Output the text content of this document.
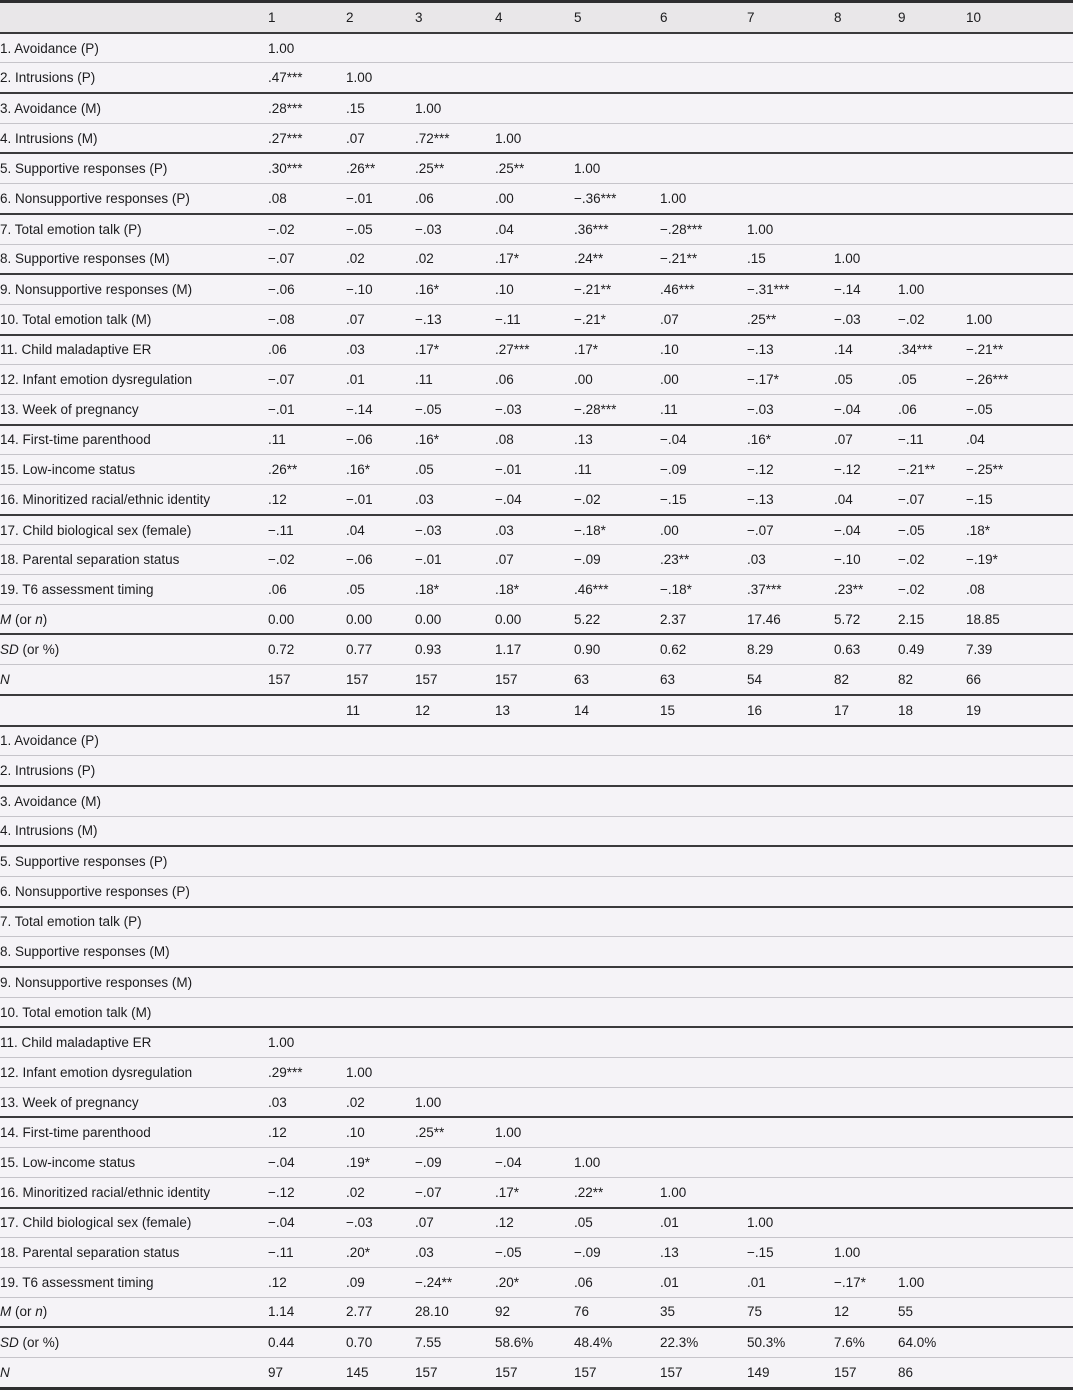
	1	2	3	4	5	6	7	8	9	10
1. Avoidance (P)	1.00									
2. Intrusions (P)	.47***	1.00								
3. Avoidance (M)	.28***	.15	1.00							
4. Intrusions (M)	.27***	.07	.72***	1.00						
5. Supportive responses (P)	.30***	.26**	.25**	.25**	1.00					
6. Nonsupportive responses (P)	.08	−.01	.06	.00	−.36***	1.00				
7. Total emotion talk (P)	−.02	−.05	−.03	.04	.36***	−.28***	1.00			
8. Supportive responses (M)	−.07	.02	.02	.17*	.24**	−.21**	.15	1.00		
9. Nonsupportive responses (M)	−.06	−.10	.16*	.10	−.21**	.46***	−.31***	−.14	1.00	
10. Total emotion talk (M)	−.08	.07	−.13	−.11	−.21*	.07	.25**	−.03	−.02	1.00
11. Child maladaptive ER	.06	.03	.17*	.27***	.17*	.10	−.13	.14	.34***	−.21**
12. Infant emotion dysregulation	−.07	.01	.11	.06	.00	.00	−.17*	.05	.05	−.26***
13. Week of pregnancy	−.01	−.14	−.05	−.03	−.28***	.11	−.03	−.04	.06	−.05
14. First-time parenthood	.11	−.06	.16*	.08	.13	−.04	.16*	.07	−.11	.04
15. Low-income status	.26**	.16*	.05	−.01	.11	−.09	−.12	−.12	−.21**	−.25**
16. Minoritized racial/ethnic identity	.12	−.01	.03	−.04	−.02	−.15	−.13	.04	−.07	−.15
17. Child biological sex (female)	−.11	.04	−.03	.03	−.18*	.00	−.07	−.04	−.05	.18*
18. Parental separation status	−.02	−.06	−.01	.07	−.09	.23**	.03	−.10	−.02	−.19*
19. T6 assessment timing	.06	.05	.18*	.18*	.46***	−.18*	.37***	.23**	−.02	.08
M (or n)	0.00	0.00	0.00	0.00	5.22	2.37	17.46	5.72	2.15	18.85
SD (or %)	0.72	0.77	0.93	1.17	0.90	0.62	8.29	0.63	0.49	7.39
N	157	157	157	157	63	63	54	82	82	66
		11	12	13	14	15	16	17	18	19
1. Avoidance (P)										
2. Intrusions (P)										
3. Avoidance (M)										
4. Intrusions (M)										
5. Supportive responses (P)										
6. Nonsupportive responses (P)										
7. Total emotion talk (P)										
8. Supportive responses (M)										
9. Nonsupportive responses (M)										
10. Total emotion talk (M)										
11. Child maladaptive ER	1.00									
12. Infant emotion dysregulation	.29***	1.00								
13. Week of pregnancy	.03	.02	1.00							
14. First-time parenthood	.12	.10	.25**	1.00						
15. Low-income status	−.04	.19*	−.09	−.04	1.00					
16. Minoritized racial/ethnic identity	−.12	.02	−.07	.17*	.22**	1.00				
17. Child biological sex (female)	−.04	−.03	.07	.12	.05	.01	1.00			
18. Parental separation status	−.11	.20*	.03	−.05	−.09	.13	−.15	1.00		
19. T6 assessment timing	.12	.09	−.24**	.20*	.06	.01	.01	−.17*	1.00	
M (or n)	1.14	2.77	28.10	92	76	35	75	12	55	
SD (or %)	0.44	0.70	7.55	58.6%	48.4%	22.3%	50.3%	7.6%	64.0%	
N	97	145	157	157	157	157	149	157	86	
